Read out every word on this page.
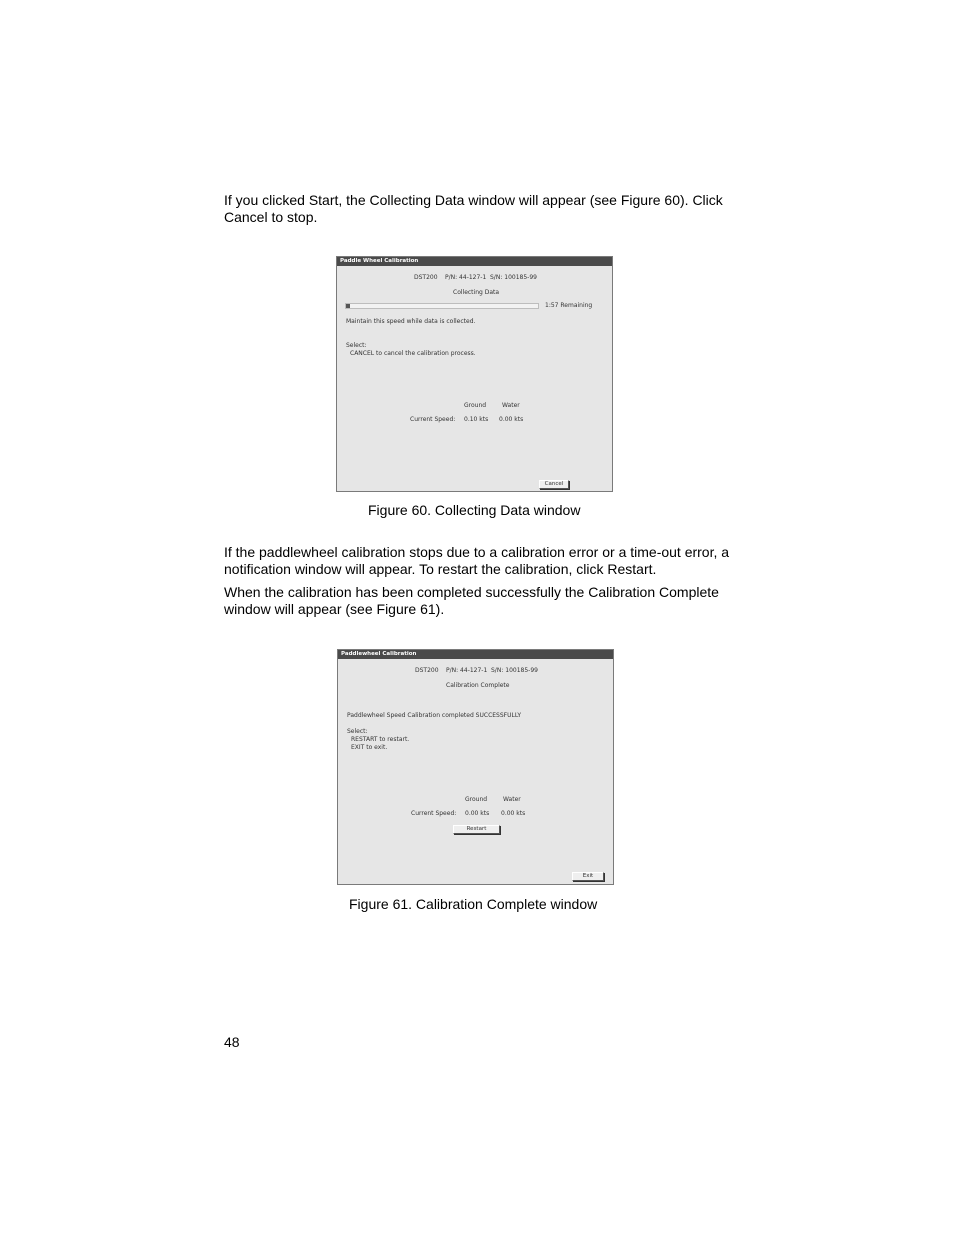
If you clicked Start, the Collecting Data window will appear (see Figure 60). Click Cancel to stop.

Paddle Wheel Calibration
DST200 P/N: 44-127-1 S/N: 100185-99
Collecting Data
1:57 Remaining
Maintain this speed while data is collected.
Select:
CANCEL to cancel the calibration process.
Ground	Water
Current Speed: 0.10 kts 0.00 kts
Cancel
Figure 60. Collecting Data window

If the paddlewheel calibration stops due to a calibration error or a time-out error, a notification window will appear. To restart the calibration, click Restart.

When the calibration has been completed successfully the Calibration Complete window will appear (see Figure 61).

Paddlewheel Calibration
DST200 P/N: 44-127-1 S/N: 100185-99
Calibration Complete
Paddlewheel Speed Calibration completed SUCCESSFULLY
Select:
RESTART to restart.
EXIT to exit.
Ground	Water
Current Speed: 0.00 kts 0.00 kts
Restart
Exit
Figure 61. Calibration Complete window
48
